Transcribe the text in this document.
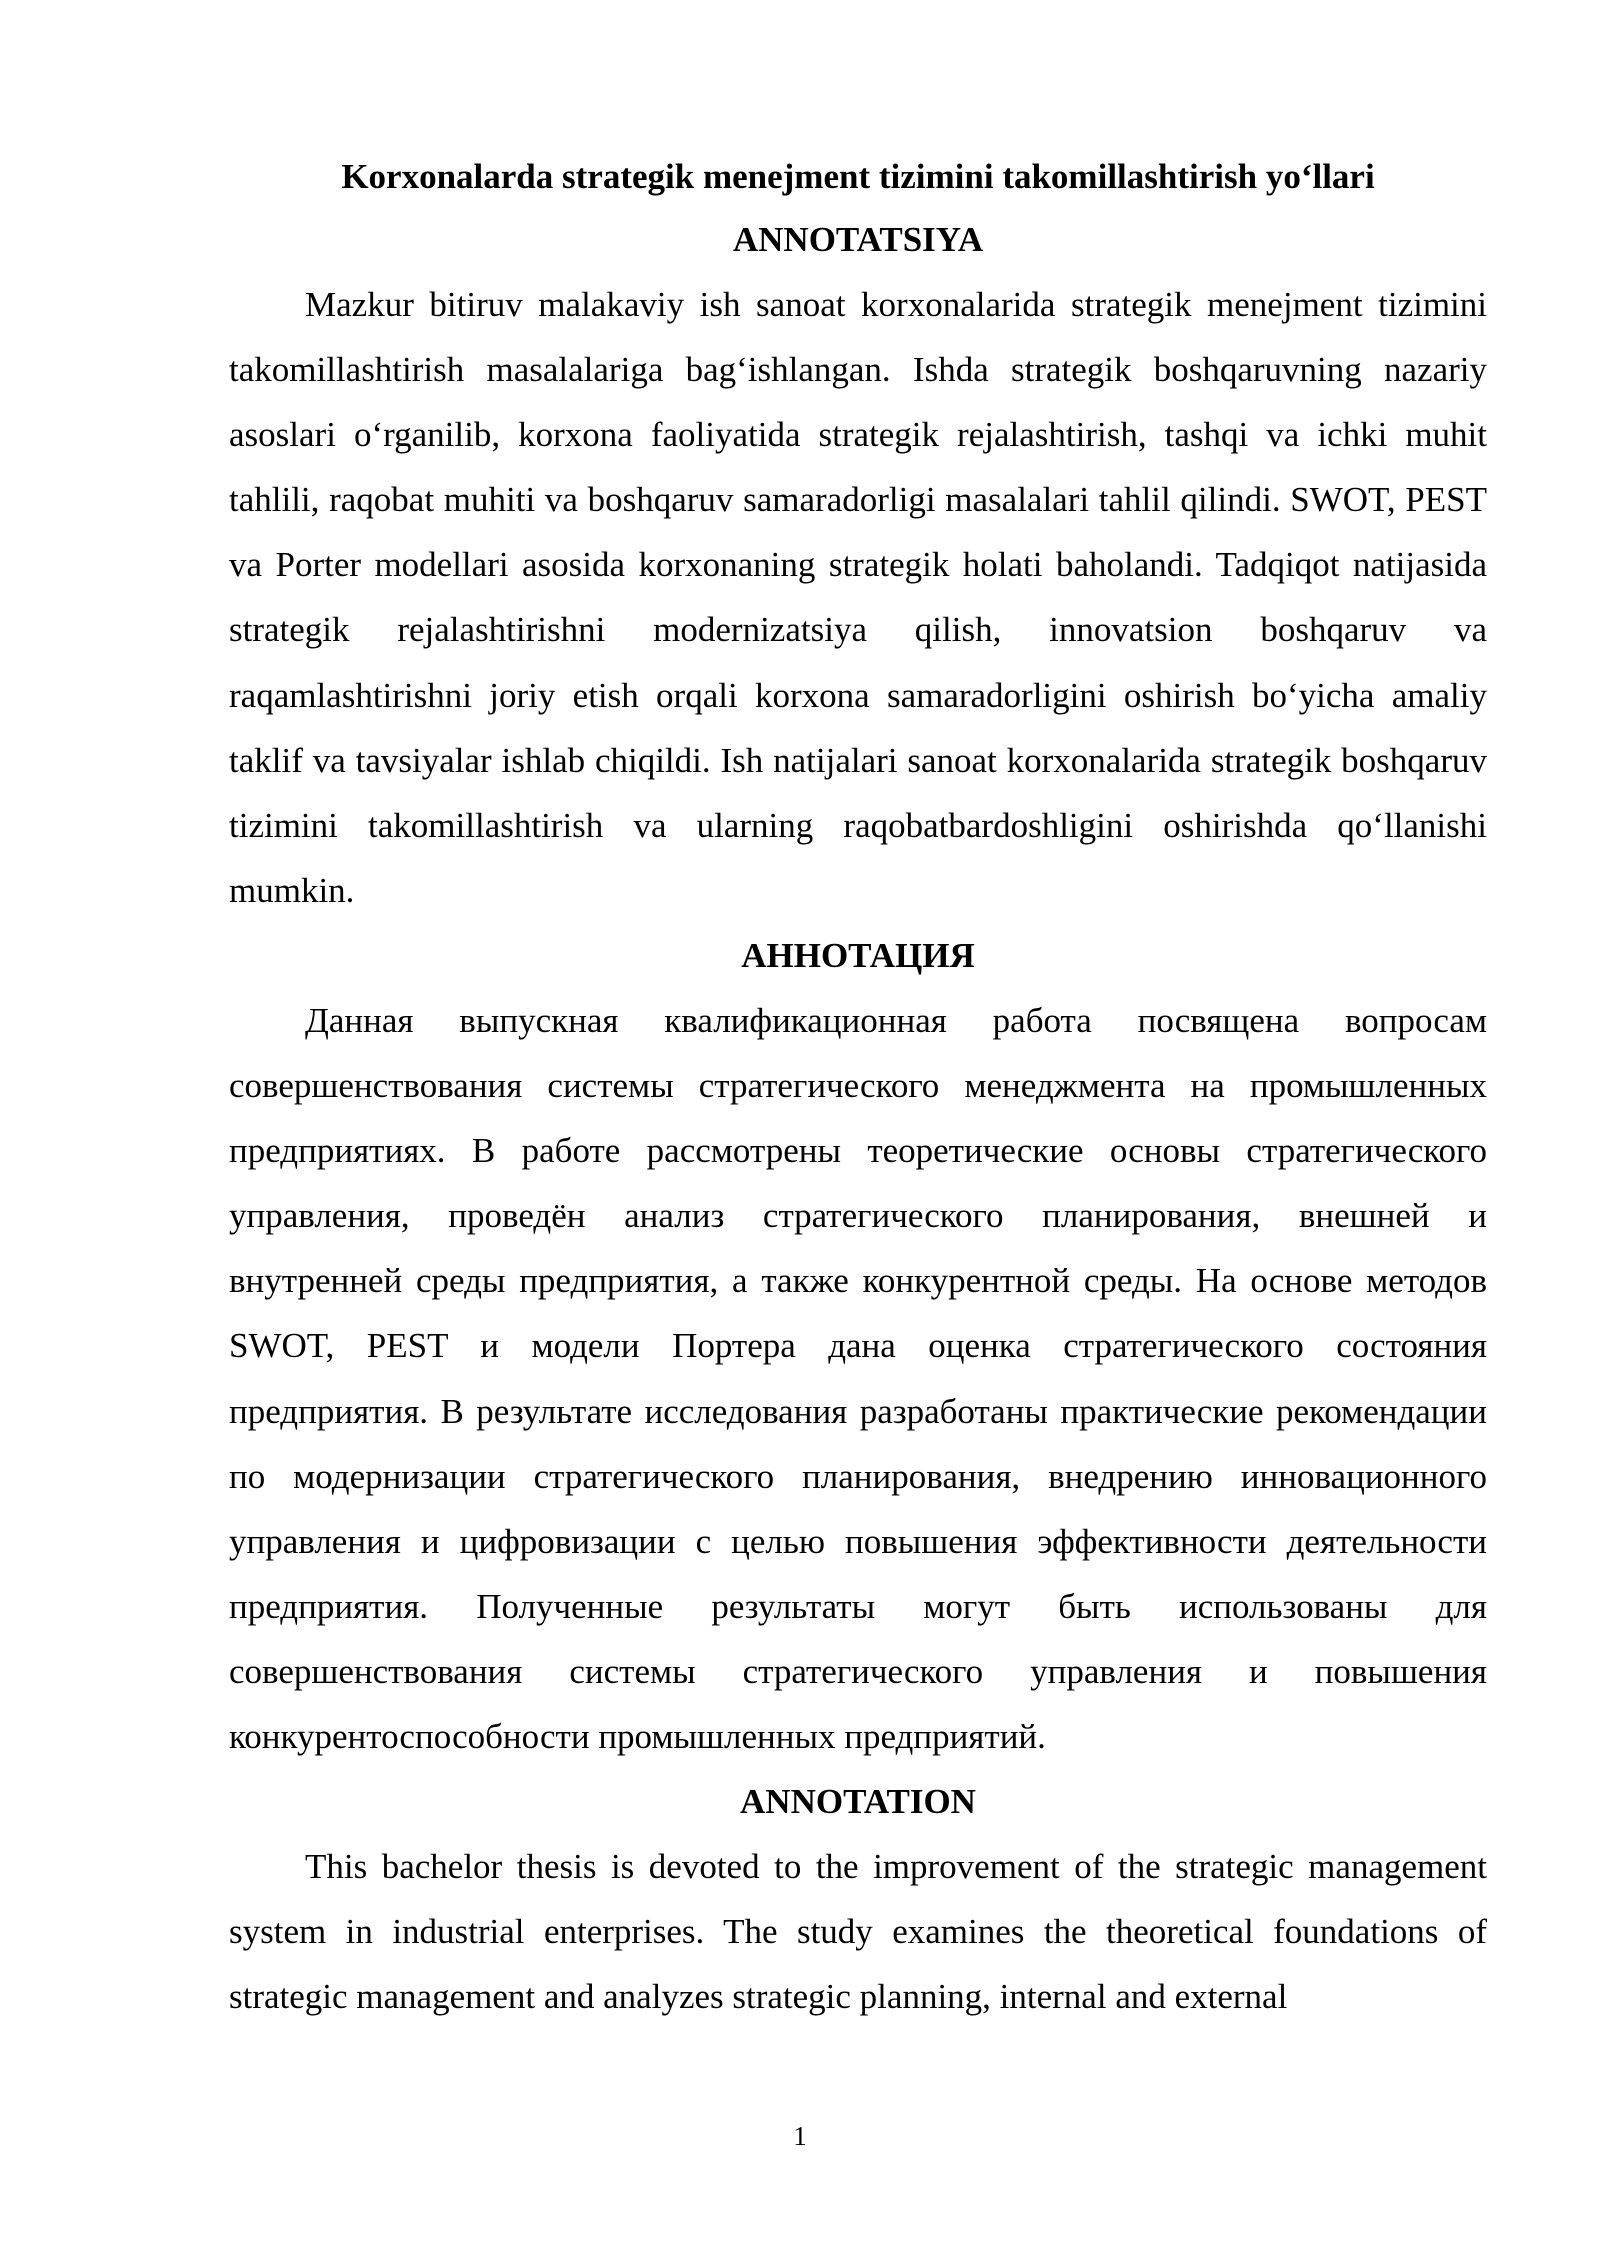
Korxonalarda strategik menejment tizimini takomillashtirish yo‘llari
ANNOTATSIYA

Mazkur bitiruv malakaviy ish sanoat korxonalarida strategik menejment tizimini takomillashtirish masalalariga bag‘ishlangan. Ishda strategik boshqaruvning nazariy asoslari o‘rganilib, korxona faoliyatida strategik rejalashtirish, tashqi va ichki muhit tahlili, raqobat muhiti va boshqaruv samaradorligi masalalari tahlil qilindi. SWOT, PEST va Porter modellari asosida korxonaning strategik holati baholandi. Tadqiqot natijasida strategik rejalashtirishni modernizatsiya qilish, innovatsion boshqaruv va raqamlashtirishni joriy etish orqali korxona samaradorligini oshirish bo‘yicha amaliy taklif va tavsiyalar ishlab chiqildi. Ish natijalari sanoat korxonalarida strategik boshqaruv tizimini takomillashtirish va ularning raqobatbardoshligini oshirishda qo‘llanishi mumkin.

АННОТАЦИЯ

Данная выпускная квалификационная работа посвящена вопросам совершенствования системы стратегического менеджмента на промышленных предприятиях. В работе рассмотрены теоретические основы стратегического управления, проведён анализ стратегического планирования, внешней и внутренней среды предприятия, а также конкурентной среды. На основе методов SWOT, PEST и модели Портера дана оценка стратегического состояния предприятия. В результате исследования разработаны практические рекомендации по модернизации стратегического планирования, внедрению инновационного управления и цифровизации с целью повышения эффективности деятельности предприятия. Полученные результаты могут быть использованы для совершенствования системы стратегического управления и повышения конкурентоспособности промышленных предприятий.

ANNOTATION

This bachelor thesis is devoted to the improvement of the strategic management system in industrial enterprises. The study examines the theoretical foundations of strategic management and analyzes strategic planning, internal and external

1
